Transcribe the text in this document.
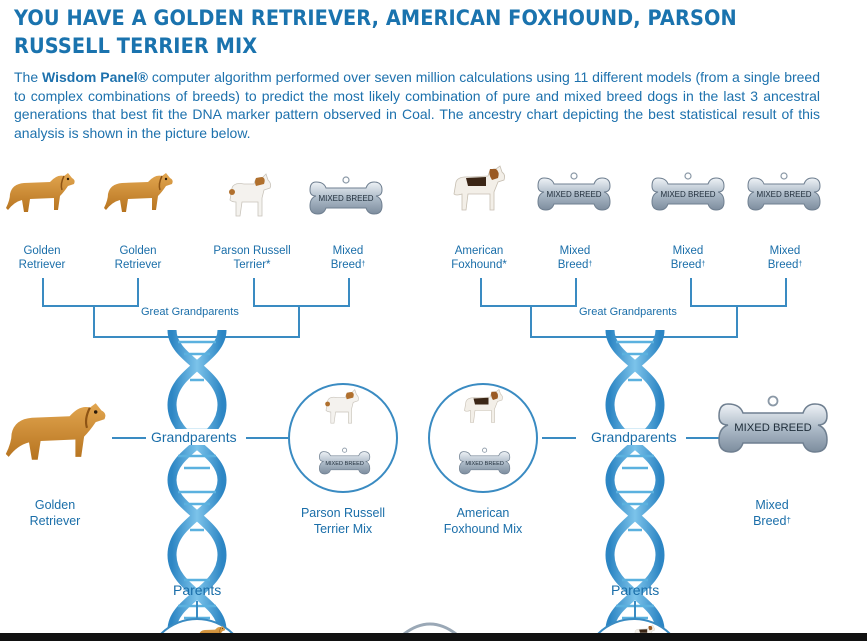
YOU HAVE A GOLDEN RETRIEVER, AMERICAN FOXHOUND, PARSON RUSSELL TERRIER MIX

The Wisdom Panel® computer algorithm performed over seven million calculations using 11 different models (from a single breed to complex combinations of breeds) to predict the most likely combination of pure and mixed breed dogs in the last 3 ancestral generations that best fit the DNA marker pattern observed in Coal. The ancestry chart depicting the best statistical result of this analysis is shown in the picture below.

MIXED BREED	MIXED BREED	MIXED BREED	MIXED BREED
Golden
Retriever
Golden
Retriever
Parson Russell
Terrier*
Mixed
Breed†
American
Foxhound*
Mixed
Breed†
Mixed
Breed†
Mixed
Breed†
Great Grandparents	Great Grandparents
Grandparents	Grandparents
Golden
Retriever
MIXED BREED
Parson Russell
Terrier Mix
MIXED BREED
American
Foxhound Mix
MIXED BREED
Mixed
Breed†
Parents	Parents
